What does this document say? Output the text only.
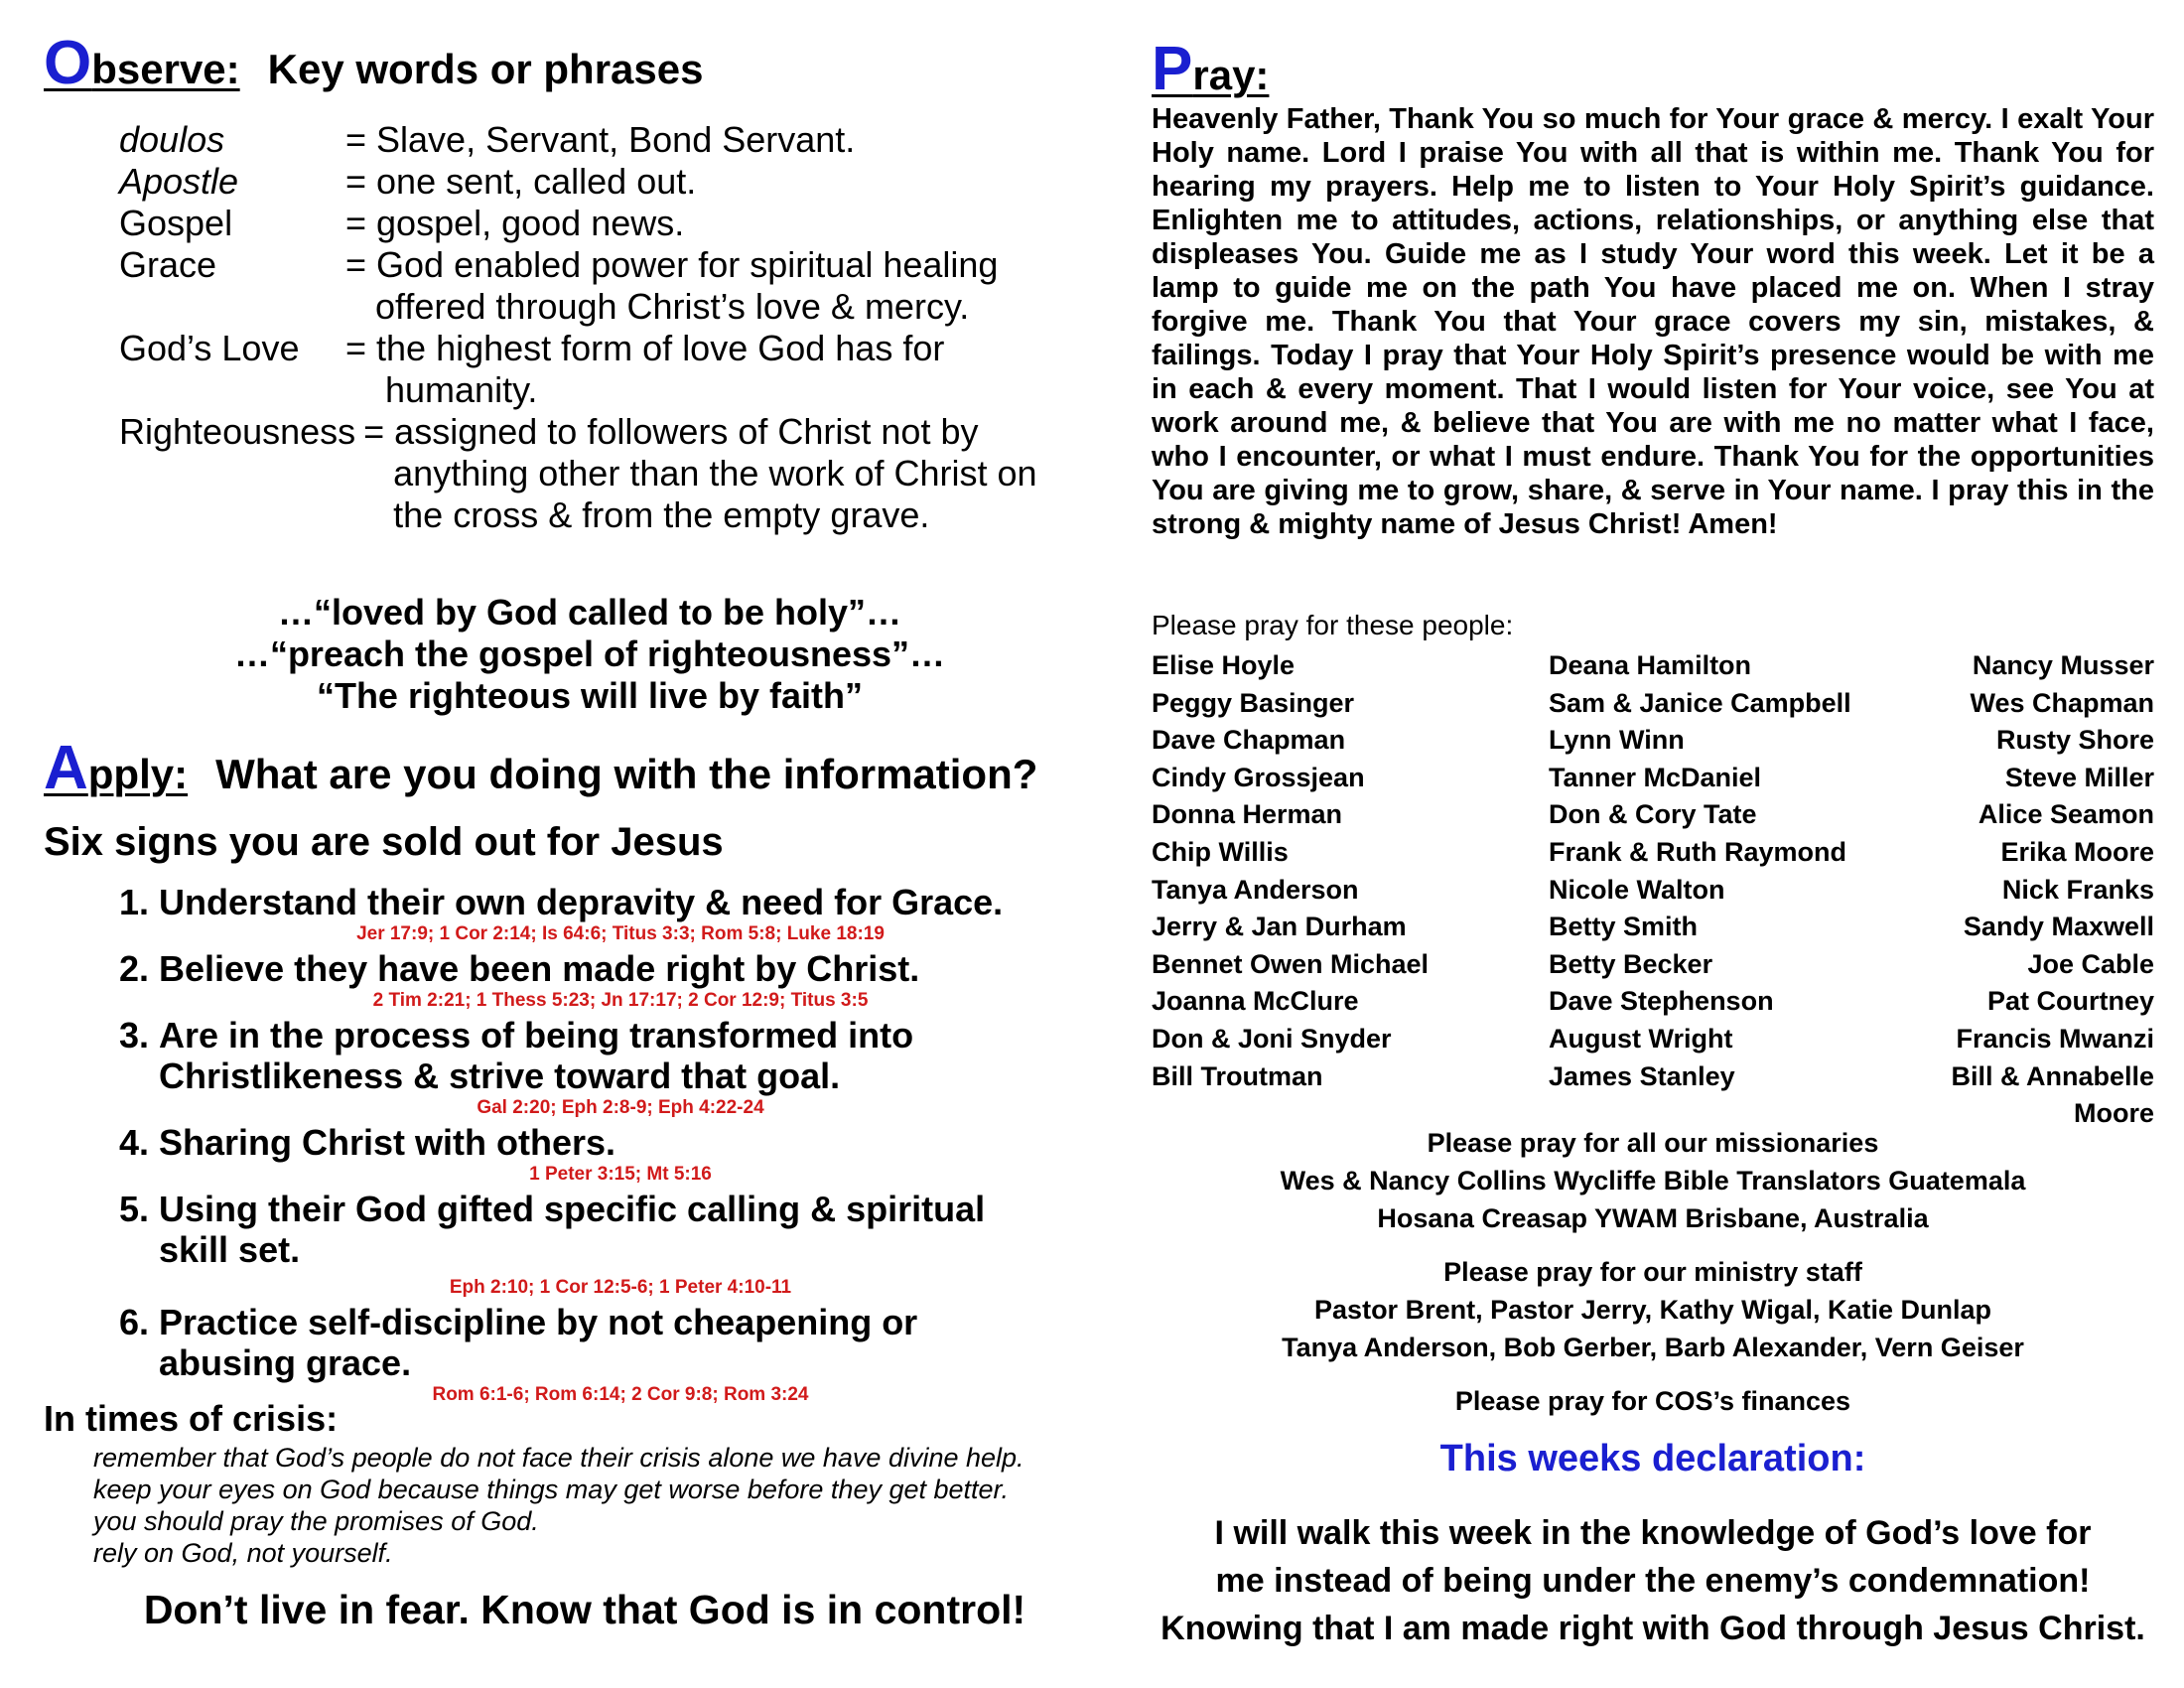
Observe: Key words or phrases
doulos	= Slave, Servant, Bond Servant.
Apostle	= one sent, called out.
Gospel	= gospel, good news.
Grace	= God enabled power for spiritual healing
offered through Christ’s love & mercy.
God’s Love	= the highest form of love God has for
humanity.
Righteousness = assigned to followers of Christ not by anything other than the work of Christ on the cross & from the empty grave.
…“loved by God called to be holy”…
…“preach the gospel of righteousness”…
“The righteous will live by faith”
Apply: What are you doing with the information?
Six signs you are sold out for Jesus
1. Understand their own depravity & need for Grace.
Jer 17:9; 1 Cor 2:14; Is 64:6; Titus 3:3; Rom 5:8; Luke 18:19
2. Believe they have been made right by Christ.
2 Tim 2:21; 1 Thess 5:23; Jn 17:17; 2 Cor 12:9; Titus 3:5
3. Are in the process of being transformed into
Christlikeness & strive toward that goal.
Gal 2:20; Eph 2:8-9; Eph 4:22-24
4. Sharing Christ with others.
1 Peter 3:15; Mt 5:16
5. Using their God gifted specific calling & spiritual
skill set.
Eph 2:10; 1 Cor 12:5-6; 1 Peter 4:10-11
6. Practice self-discipline by not cheapening or
abusing grace.
Rom 6:1-6; Rom 6:14; 2 Cor 9:8; Rom 3:24
In times of crisis:
remember that God’s people do not face their crisis alone we have divine help.
keep your eyes on God because things may get worse before they get better.
you should pray the promises of God.
rely on God, not yourself.
Don’t live in fear. Know that God is in control!
Pray:
Heavenly Father, Thank You so much for Your grace & mercy. I exalt Your Holy name. Lord I praise You with all that is within me. Thank You for hearing my prayers. Help me to listen to Your Holy Spirit’s guidance. Enlighten me to attitudes, actions, relationships, or anything else that displeases You. Guide me as I study Your word this week. Let it be a lamp to guide me on the path You have placed me on. When I stray forgive me. Thank You that Your grace covers my sin, mistakes, & failings. Today I pray that Your Holy Spirit’s presence would be with me in each & every moment. That I would listen for Your voice, see You at work around me, & believe that You are with me no matter what I face, who I encounter, or what I must endure. Thank You for the opportunities You are giving me to grow, share, & serve in Your name. I pray this in the strong & mighty name of Jesus Christ! Amen!
Please pray for these people:
Elise Hoyle	Deana Hamilton	Nancy Musser
Peggy Basinger	Sam & Janice Campbell	Wes Chapman
Dave Chapman	Lynn Winn	Rusty Shore
Cindy Grossjean	Tanner McDaniel	Steve Miller
Donna Herman	Don & Cory Tate	Alice Seamon
Chip Willis	Frank & Ruth Raymond	Erika Moore
Tanya Anderson	Nicole Walton	Nick Franks
Jerry & Jan Durham	Betty Smith	Sandy Maxwell
Bennet Owen Michael	Betty Becker	Joe Cable
Joanna McClure	Dave Stephenson	Pat Courtney
Don & Joni Snyder	August Wright	Francis Mwanzi
Bill Troutman	James Stanley	Bill & Annabelle Moore
Please pray for all our missionaries
Wes & Nancy Collins Wycliffe Bible Translators Guatemala
Hosana Creasap YWAM Brisbane, Australia
Please pray for our ministry staff
Pastor Brent, Pastor Jerry, Kathy Wigal, Katie Dunlap
Tanya Anderson, Bob Gerber, Barb Alexander, Vern Geiser
Please pray for COS’s finances
This weeks declaration:
I will walk this week in the knowledge of God’s love for
me instead of being under the enemy’s condemnation!
Knowing that I am made right with God through Jesus Christ.
